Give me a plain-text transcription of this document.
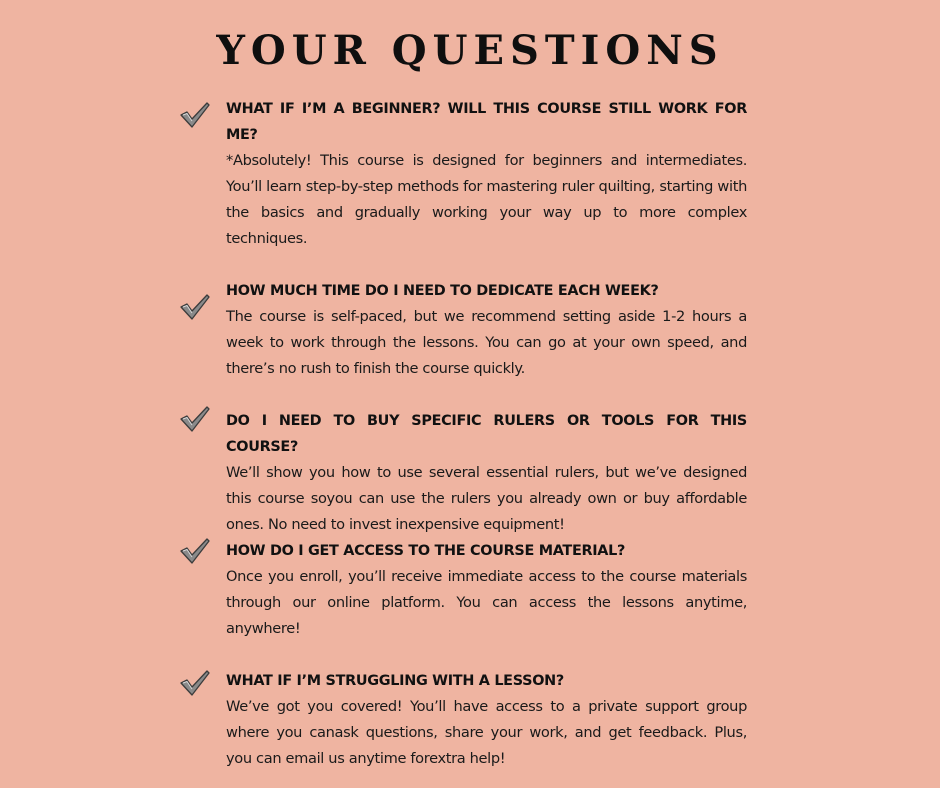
YOUR QUESTIONS

WHAT IF I’M A BEGINNER? WILL THIS COURSE STILL WORK FOR ME?

*Absolutely! This course is designed for beginners and intermediates. You’ll learn step-by-step methods for mastering ruler quilting, starting with the basics and gradually working your way up to more complex techniques.

HOW MUCH TIME DO I NEED TO DEDICATE EACH WEEK?

The course is self-paced, but we recommend setting aside 1-2 hours a week to work through the lessons. You can go at your own speed, and there’s no rush to finish the course quickly.

DO I NEED TO BUY SPECIFIC RULERS OR TOOLS FOR THIS COURSE?

We’ll show you how to use several essential rulers, but we’ve designed this course soyou can use the rulers you already own or buy affordable ones. No need to invest inexpensive equipment!

HOW DO I GET ACCESS TO THE COURSE MATERIAL?

Once you enroll, you’ll receive immediate access to the course materials through our online platform. You can access the lessons anytime, anywhere!

WHAT IF I’M STRUGGLING WITH A LESSON?

We’ve got you covered! You’ll have access to a private support group where you canask questions, share your work, and get feedback. Plus, you can email us anytime forextra help!
